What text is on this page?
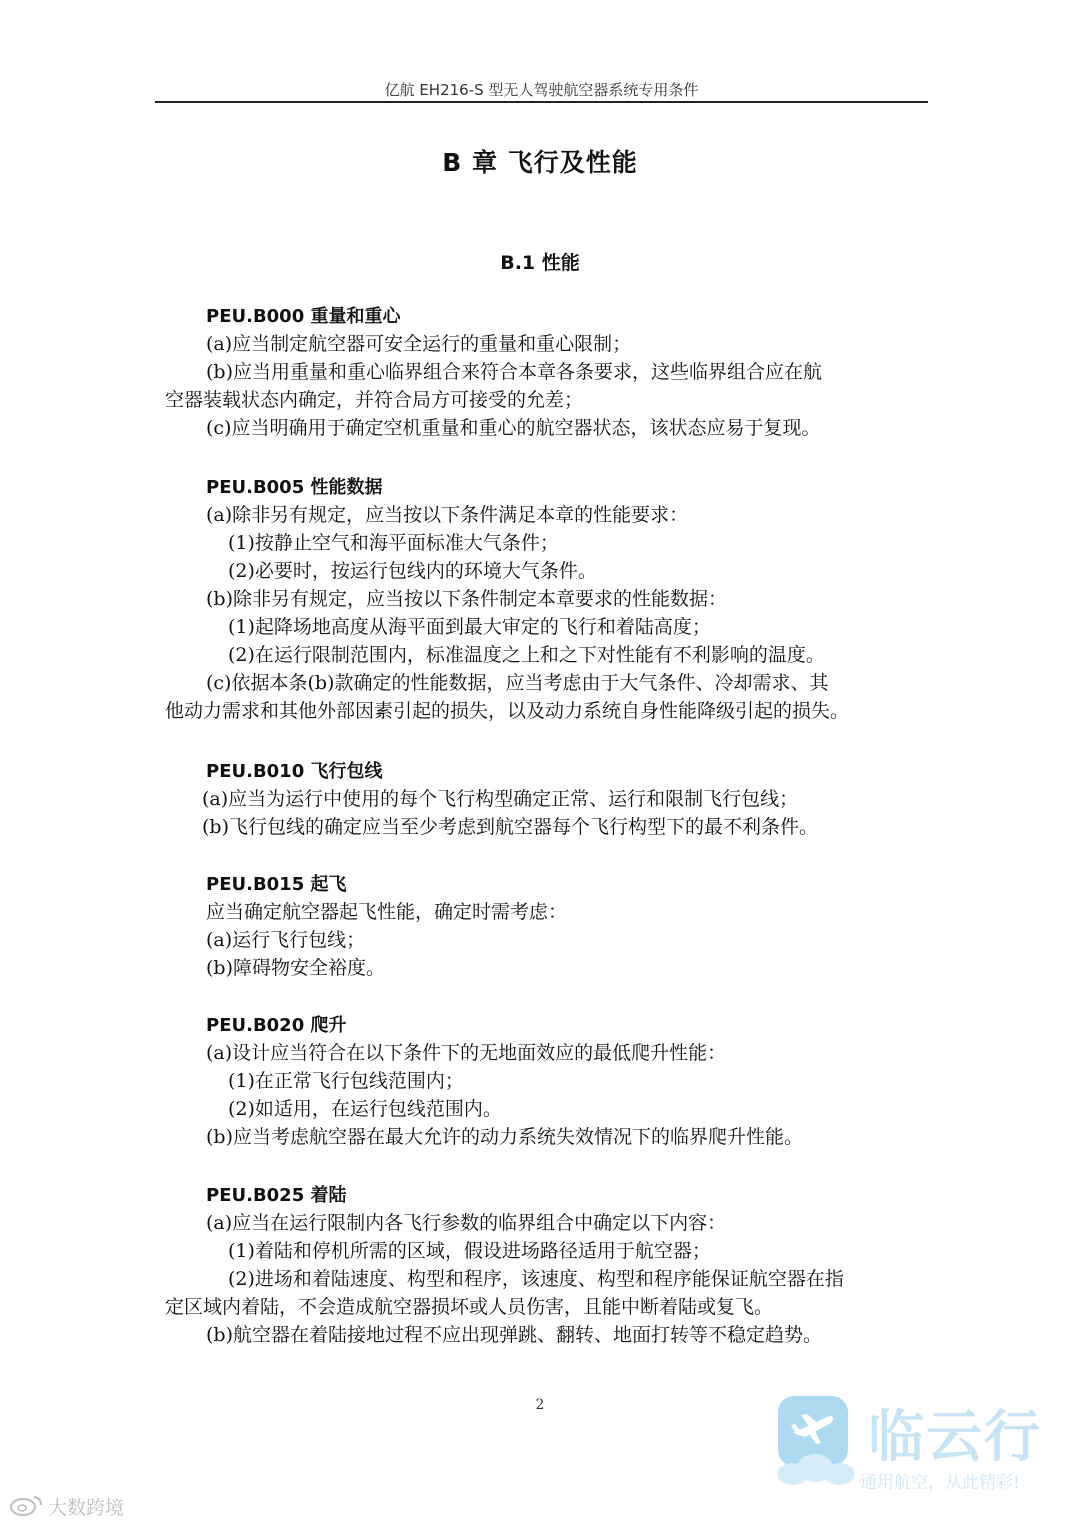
亿航 EH216-S 型无人驾驶航空器系统专用条件
B 章 飞行及性能
B.1 性能
PEU.B000 重量和重心
(a)应当制定航空器可安全运行的重量和重心限制；
(b)应当用重量和重心临界组合来符合本章各条要求，这些临界组合应在航
空器装载状态内确定，并符合局方可接受的允差；
(c)应当明确用于确定空机重量和重心的航空器状态，该状态应易于复现。
PEU.B005 性能数据
(a)除非另有规定，应当按以下条件满足本章的性能要求：
(1)按静止空气和海平面标准大气条件；
(2)必要时，按运行包线内的环境大气条件。
(b)除非另有规定，应当按以下条件制定本章要求的性能数据：
(1)起降场地高度从海平面到最大审定的飞行和着陆高度；
(2)在运行限制范围内，标准温度之上和之下对性能有不利影响的温度。
(c)依据本条(b)款确定的性能数据，应当考虑由于大气条件、冷却需求、其
他动力需求和其他外部因素引起的损失，以及动力系统自身性能降级引起的损失。
PEU.B010 飞行包线
(a)应当为运行中使用的每个飞行构型确定正常、运行和限制飞行包线；
(b)飞行包线的确定应当至少考虑到航空器每个飞行构型下的最不利条件。
PEU.B015 起飞
应当确定航空器起飞性能，确定时需考虑：
(a)运行飞行包线；
(b)障碍物安全裕度。
PEU.B020 爬升
(a)设计应当符合在以下条件下的无地面效应的最低爬升性能：
(1)在正常飞行包线范围内；
(2)如适用，在运行包线范围内。
(b)应当考虑航空器在最大允许的动力系统失效情况下的临界爬升性能。
PEU.B025 着陆
(a)应当在运行限制内各飞行参数的临界组合中确定以下内容：
(1)着陆和停机所需的区域，假设进场路径适用于航空器；
(2)进场和着陆速度、构型和程序，该速度、构型和程序能保证航空器在指
定区域内着陆，不会造成航空器损坏或人员伤害，且能中断着陆或复飞。
(b)航空器在着陆接地过程不应出现弹跳、翻转、地面打转等不稳定趋势。
2	临云行
通用航空，从此精彩!
大数跨境
